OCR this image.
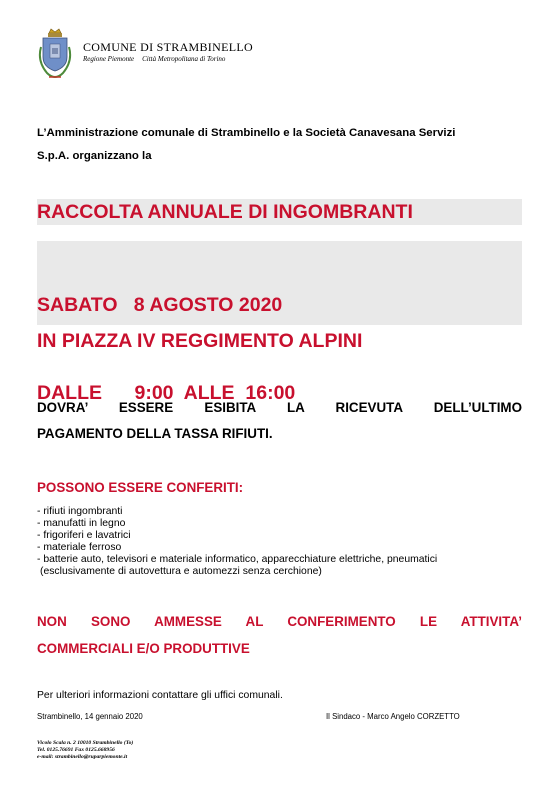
COMUNE DI STRAMBINELLO
Regione Piemonte Città Metropolitana di Torino
L’Amministrazione comunale di Strambinello e la Società Canavesana Servizi
S.p.A. organizzano la
RACCOLTA ANNUALE DI INGOMBRANTI

SABATO   8 AGOSTO 2020

DALLE      9:00  ALLE  16:00

IN PIAZZA IV REGGIMENTO ALPINI
DOVRA’ ESSERE ESIBITA LA RICEVUTA DELL’ULTIMO
PAGAMENTO DELLA TASSA RIFIUTI.
POSSONO ESSERE CONFERITI:
- rifiuti ingombranti
- manufatti in legno
- frigoriferi e lavatrici
- materiale ferroso
- batterie auto, televisori e materiale informatico, apparecchiature elettriche, pneumatici
(esclusivamente di autovettura e automezzi senza cerchione)
NON SONO AMMESSE AL CONFERIMENTO LE ATTIVITA’
COMMERCIALI E/O PRODUTTIVE
Per ulteriori informazioni contattare gli uffici comunali.
Strambinello, 14 gennaio 2020	Il Sindaco - Marco Angelo CORZETTO
Vicolo Scala n. 2 10010 Strambinello (To)
Tel. 0125.76691 Fax 0125.668956
e-mail: strambinello@ruparpiemonte.it
